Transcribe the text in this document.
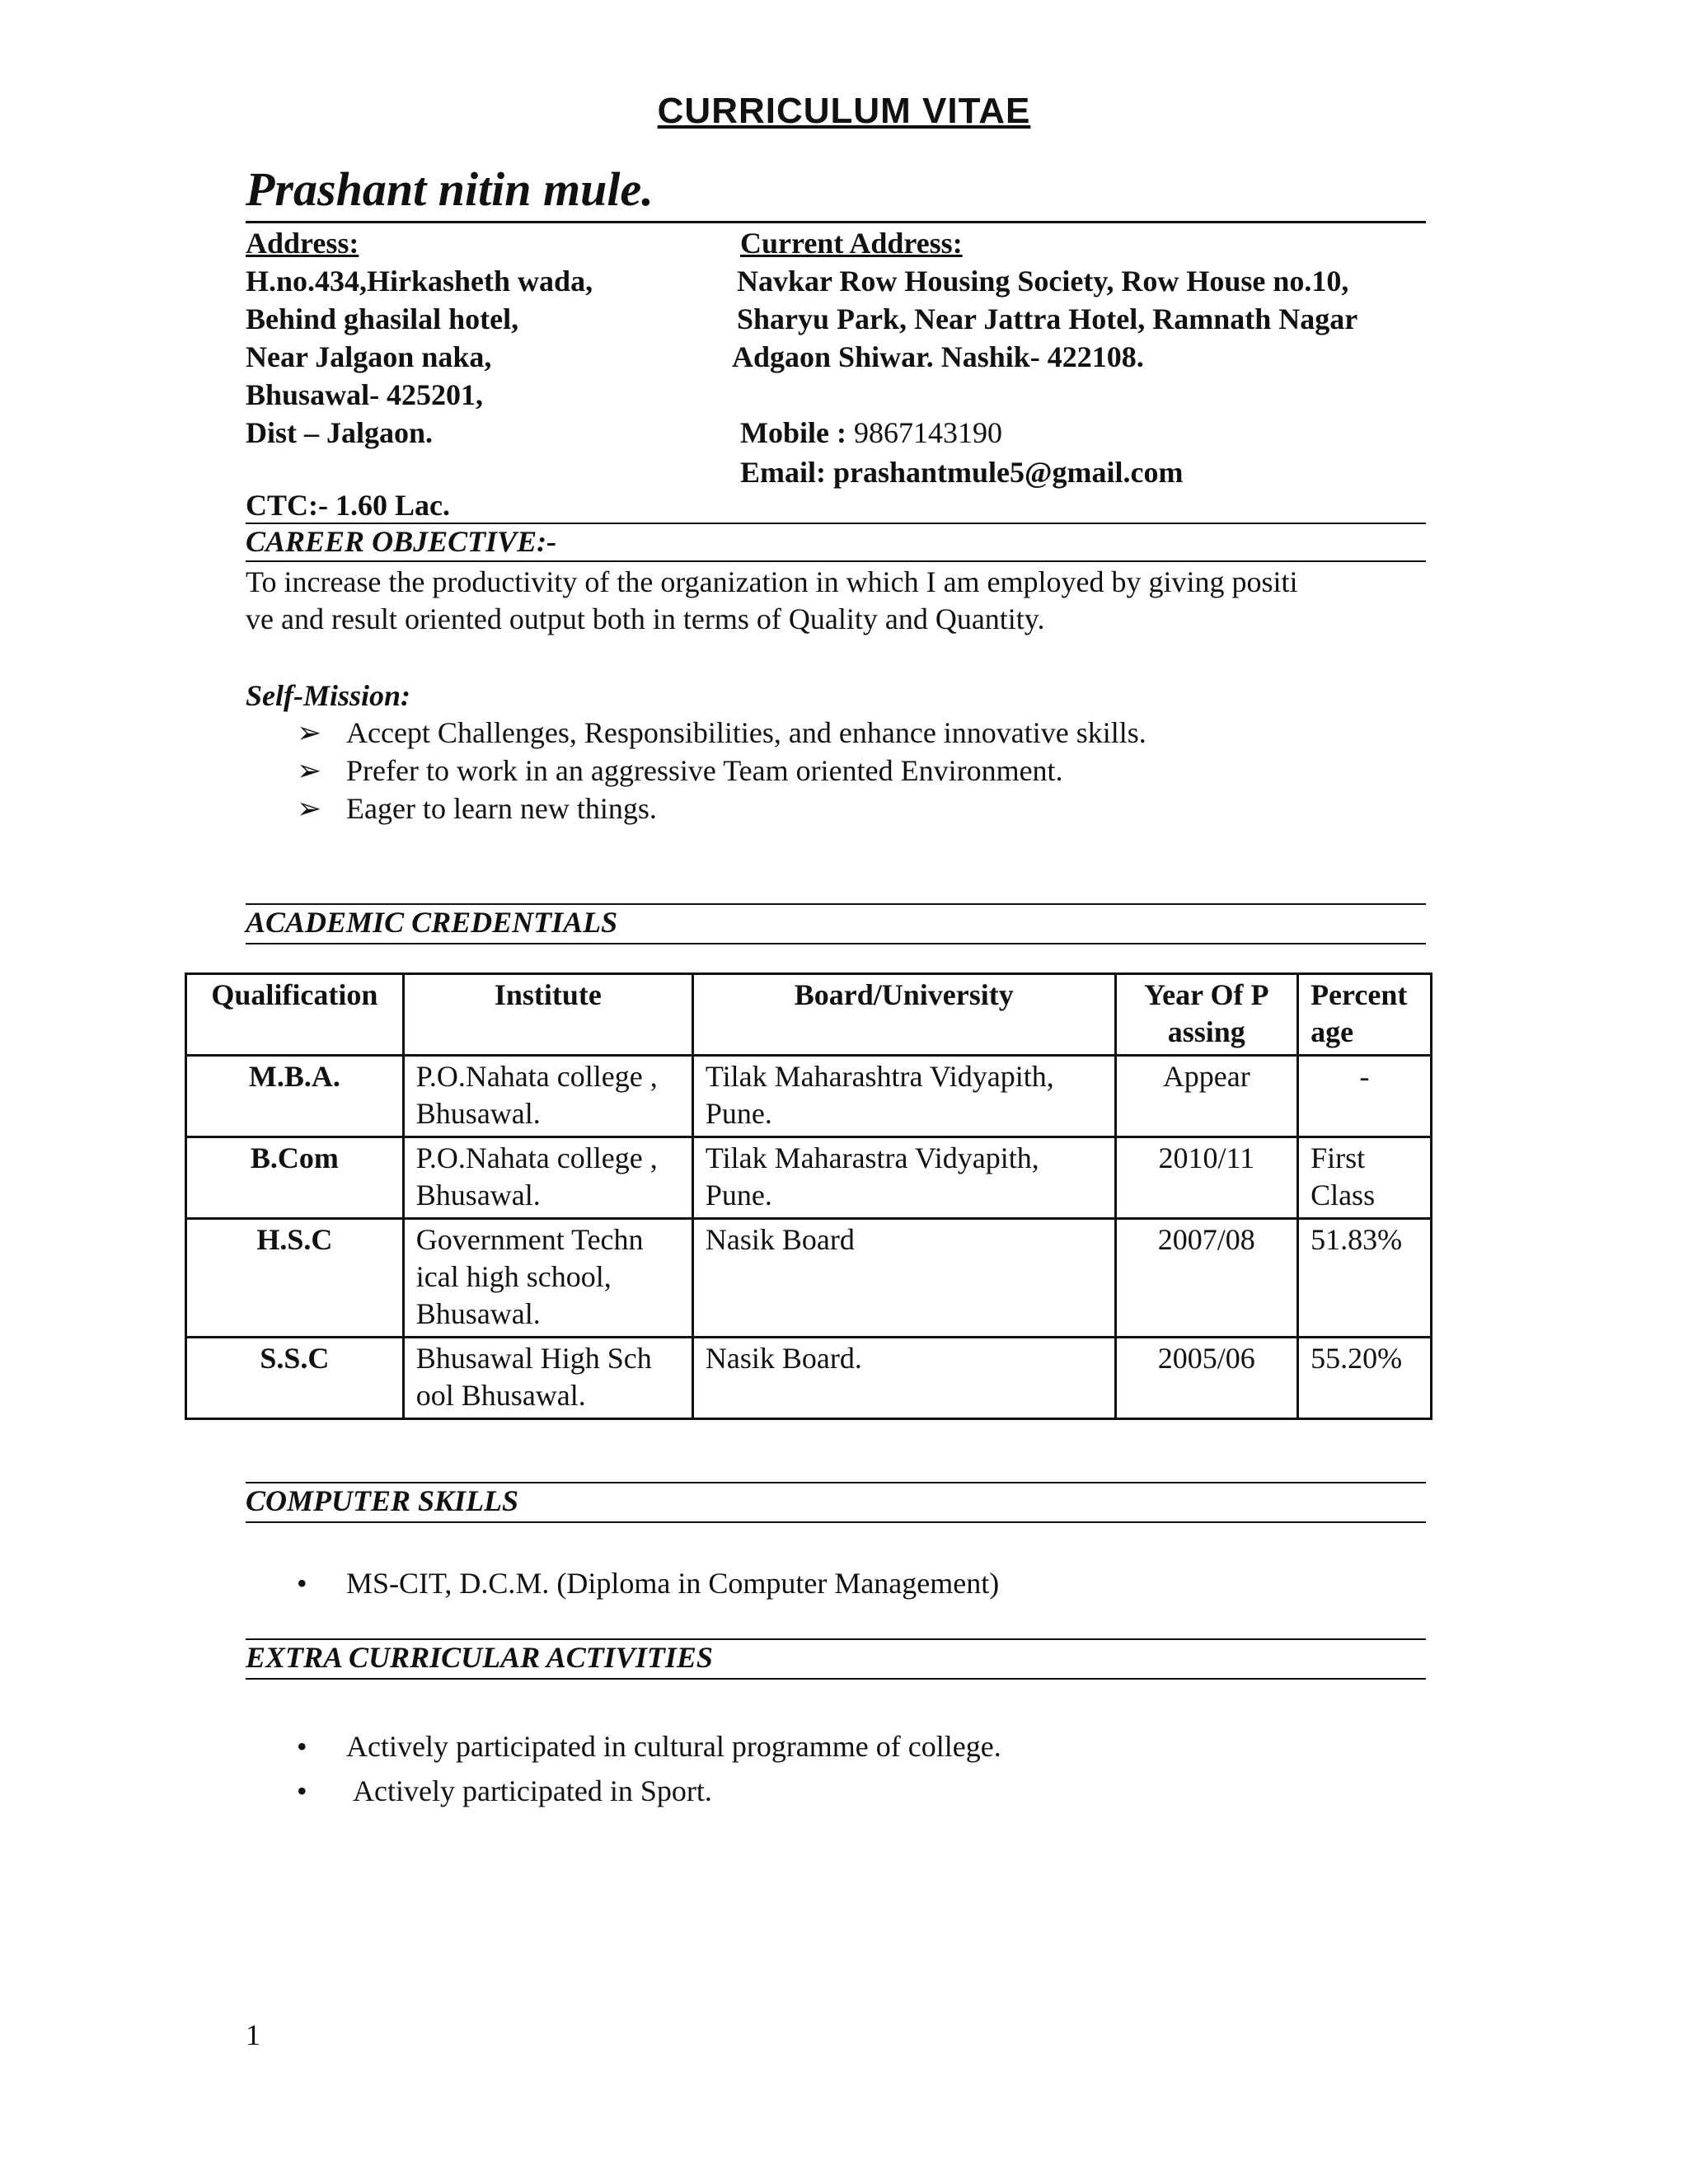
CURRICULUM VITAE
Prashant nitin mule.
Address:
H.no.434,Hirkasheth wada,
Behind ghasilal hotel,
Near Jalgaon naka,
Bhusawal- 425201,
Dist – Jalgaon.
Current Address:
Navkar Row Housing Society, Row House no.10,
Sharyu Park, Near Jattra Hotel, Ramnath Nagar
Adgaon Shiwar. Nashik- 422108.
Mobile : 9867143190
Email: prashantmule5@gmail.com
CTC:- 1.60 Lac.
CAREER OBJECTIVE:-
To increase the productivity of the organization in which I am employed by giving positi
ve and result oriented output both in terms of Quality and Quantity.
Self-Mission:
➢ Accept Challenges, Responsibilities, and enhance innovative skills.
➢ Prefer to work in an aggressive Team oriented Environment.
➢ Eager to learn new things.
ACADEMIC CREDENTIALS
Qualification	Institute	Board/University	Year Of P assing	Percent age
M.B.A.	P.O.Nahata college , Bhusawal.	Tilak Maharashtra Vidyapith, Pune.	Appear	-
B.Com	P.O.Nahata college , Bhusawal.	Tilak Maharastra Vidyapith, Pune.	2010/11	First Class
H.S.C	Government Techn ical high school, Bhusawal.	Nasik Board	2007/08	51.83%
S.S.C	Bhusawal High Sch ool Bhusawal.	Nasik Board.	2005/06	55.20%
COMPUTER SKILLS
• MS-CIT, D.C.M. (Diploma in Computer Management)
EXTRA CURRICULAR ACTIVITIES
• Actively participated in cultural programme of college.
• Actively participated in Sport.
1
